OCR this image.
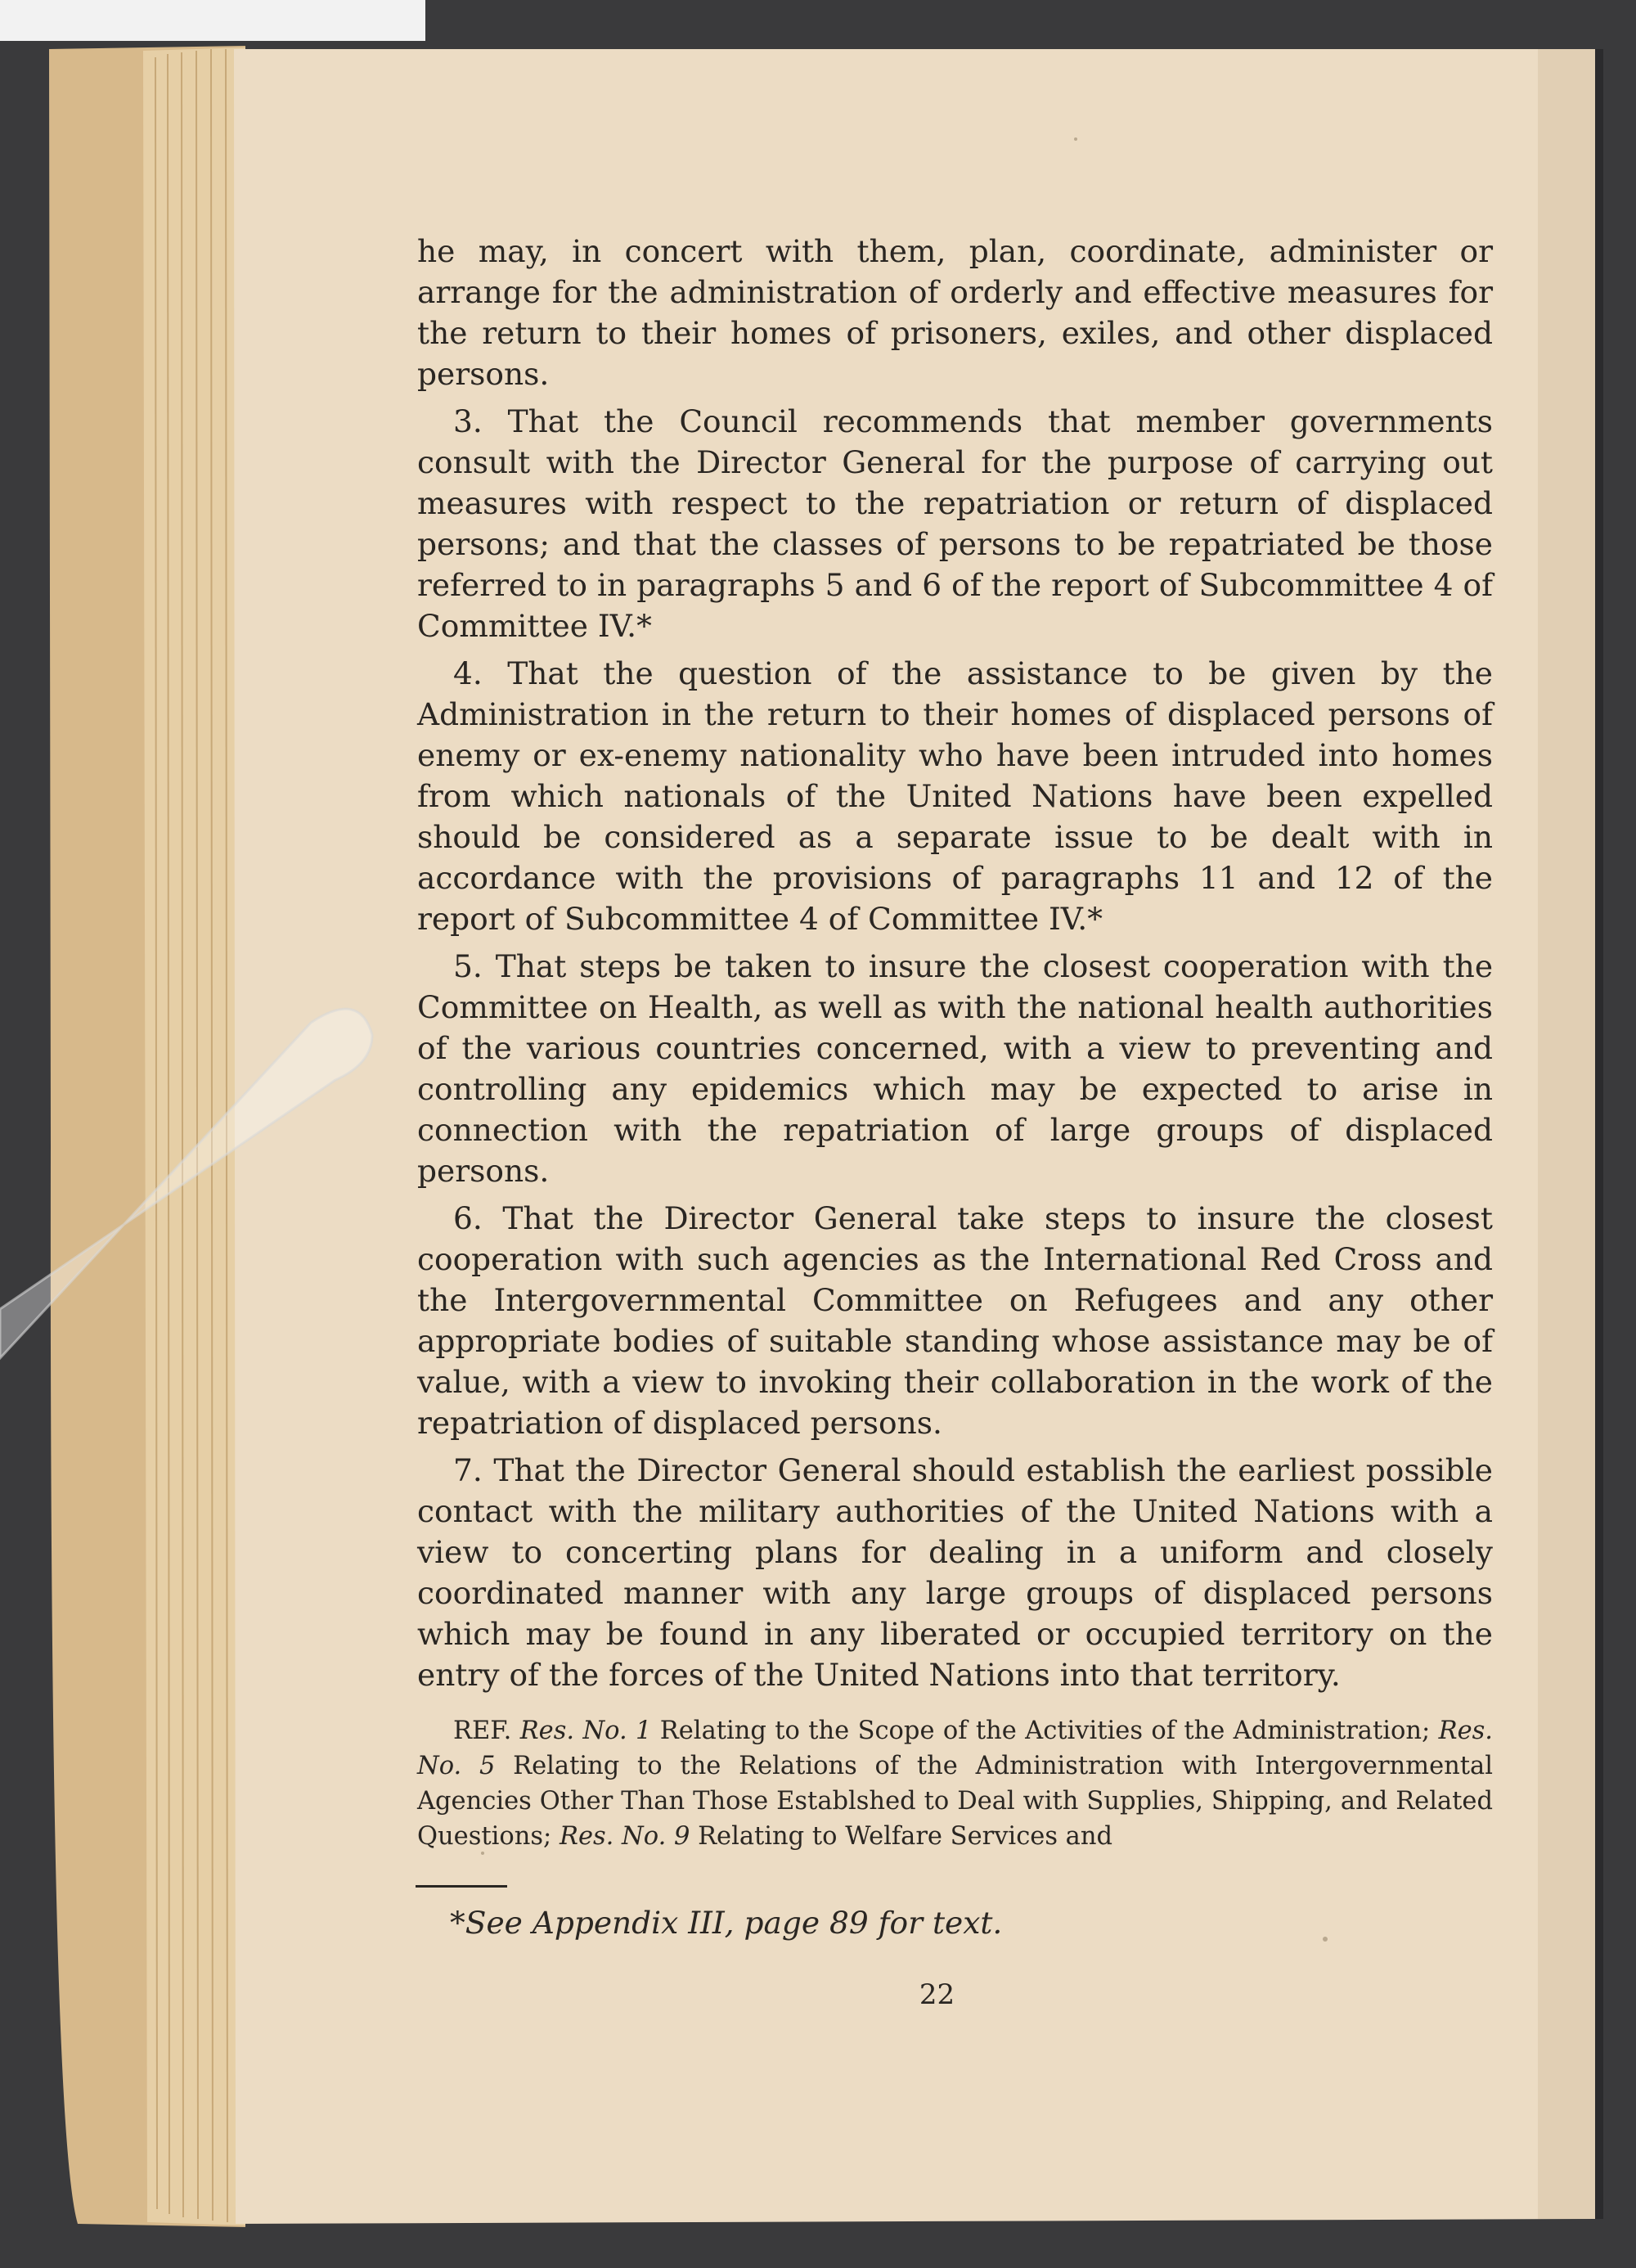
he may, in concert with them, plan, coordinate, administer or arrange for the administration of orderly and effective measures for the return to their homes of prisoners, exiles, and other displaced persons.

3. That the Council recommends that member governments consult with the Director General for the purpose of carrying out measures with respect to the repatriation or return of displaced persons; and that the classes of persons to be repatriated be those referred to in paragraphs 5 and 6 of the report of Subcommittee 4 of Committee IV.*

4. That the question of the assistance to be given by the Administration in the return to their homes of displaced persons of enemy or ex-enemy nationality who have been intruded into homes from which nationals of the United Nations have been expelled should be considered as a separate issue to be dealt with in accordance with the provisions of paragraphs 11 and 12 of the report of Subcommittee 4 of Committee IV.*

5. That steps be taken to insure the closest cooperation with the Committee on Health, as well as with the national health authorities of the various countries concerned, with a view to preventing and controlling any epidemics which may be expected to arise in connection with the repatriation of large groups of displaced persons.

6. That the Director General take steps to insure the closest cooperation with such agencies as the International Red Cross and the Intergovernmental Committee on Refugees and any other appropriate bodies of suitable standing whose assistance may be of value, with a view to invoking their collaboration in the work of the repatriation of displaced persons.

7. That the Director General should establish the earliest possible contact with the military authorities of the United Nations with a view to concerting plans for dealing in a uniform and closely coordinated manner with any large groups of displaced persons which may be found in any liberated or occupied territory on the entry of the forces of the United Nations into that territory.

REF. Res. No. 1 Relating to the Scope of the Activities of the Administration; Res. No. 5 Relating to the Relations of the Administration with Intergovernmental Agencies Other Than Those Establshed to Deal with Supplies, Shipping, and Related Questions; Res. No. 9 Relating to Welfare Services and

*See Appendix III, page 89 for text.

22
